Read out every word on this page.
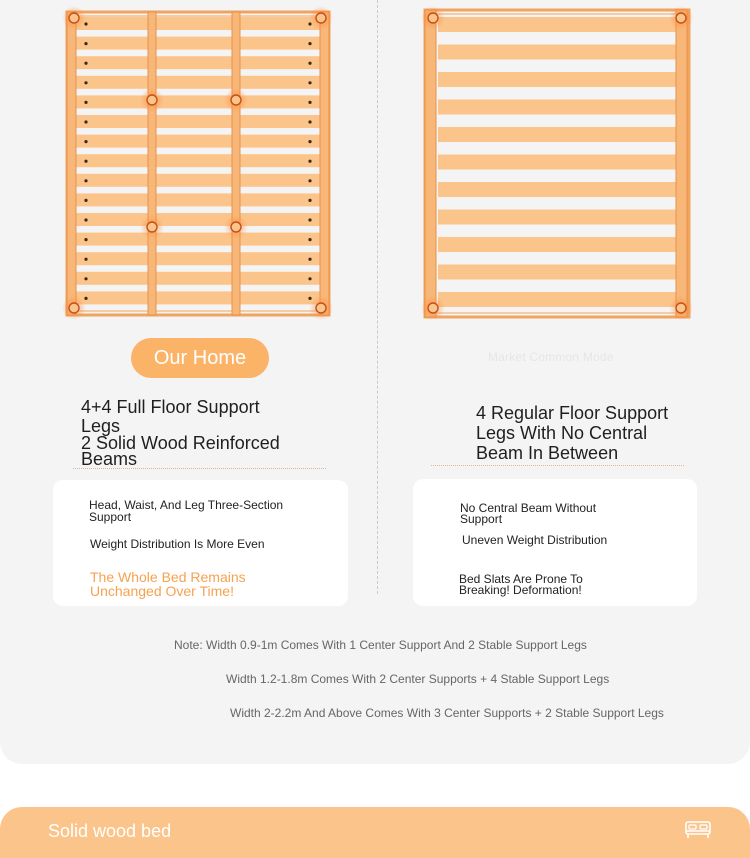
Our Home	Market Common Mode
4+4 Full Floor Support
Legs
2 Solid Wood Reinforced
Beams
4 Regular Floor Support
Legs With No Central
Beam In Between
Head, Waist, And Leg Three-Section
Support
Weight Distribution Is More Even
The Whole Bed Remains
Unchanged Over Time!
No Central Beam Without
Support
Uneven Weight Distribution
Bed Slats Are Prone To
Breaking! Deformation!
Note: Width 0.9-1m Comes With 1 Center Support And 2 Stable Support Legs
Width 1.2-1.8m Comes With 2 Center Supports + 4 Stable Support Legs
Width 2-2.2m And Above Comes With 3 Center Supports + 2 Stable Support Legs
Solid wood bed
